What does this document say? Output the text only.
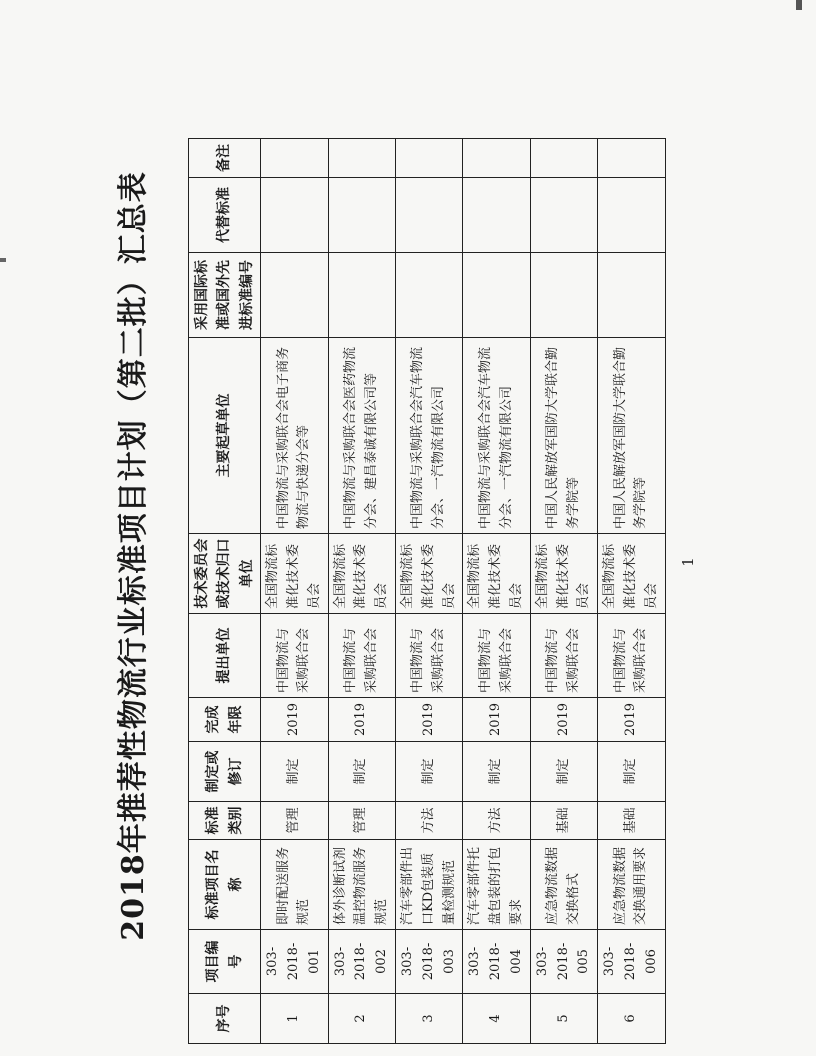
2018年推荐性物流行业标准项目计划（第二批）汇总表
序号	项目编号	标准项目名称	标准类别	制定或修订	完成年限	提出单位	技术委员会或技术归口单位	主要起草单位	采用国际标准或国外先进标准编号	代替标准	备注
1	303-2018-001	即时配送服务规范	管理	制定	2019	中国物流与采购联合会	全国物流标准化技术委员会	中国物流与采购联合会电子商务物流与快递分会等			
2	303-2018-002	体外诊断试剂温控物流服务规范	管理	制定	2019	中国物流与采购联合会	全国物流标准化技术委员会	中国物流与采购联合会医药物流分会、建昌泰诚有限公司等			
3	303-2018-003	汽车零部件出口KD包装质量检测规范	方法	制定	2019	中国物流与采购联合会	全国物流标准化技术委员会	中国物流与采购联合会汽车物流分会、一汽物流有限公司			
4	303-2018-004	汽车零部件托盘包装的打包要求	方法	制定	2019	中国物流与采购联合会	全国物流标准化技术委员会	中国物流与采购联合会汽车物流分会、一汽物流有限公司			
5	303-2018-005	应急物流数据交换格式	基础	制定	2019	中国物流与采购联合会	全国物流标准化技术委员会	中国人民解放军国防大学联合勤务学院等			
6	303-2018-006	应急物流数据交换通用要求	基础	制定	2019	中国物流与采购联合会	全国物流标准化技术委员会	中国人民解放军国防大学联合勤务学院等			
1
